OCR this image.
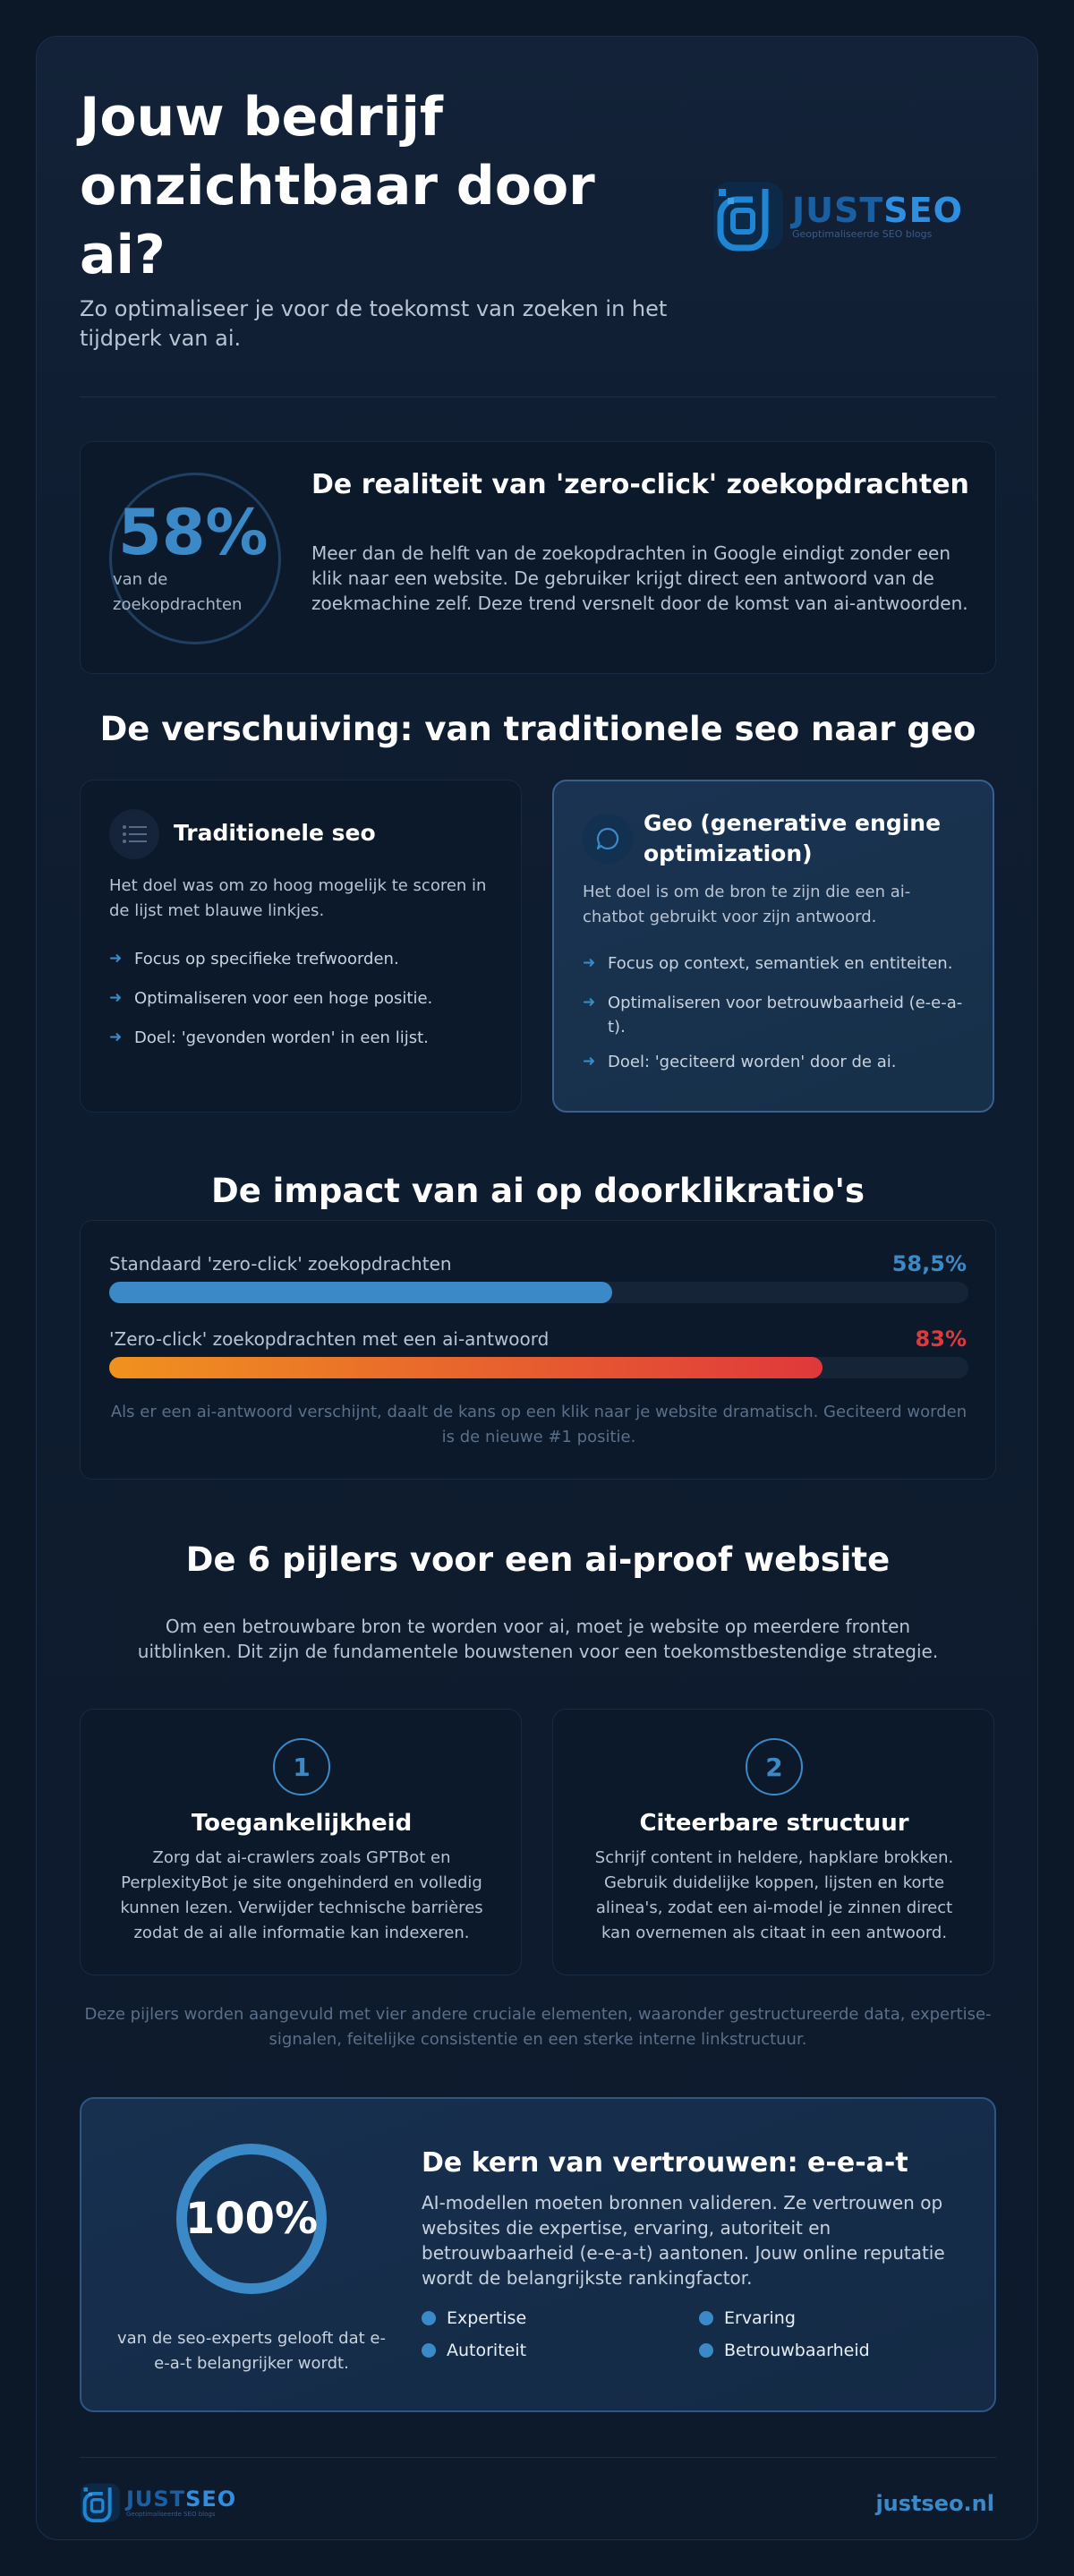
Jouw bedrijf onzichtbaar door ai?
Zo optimaliseer je voor de toekomst van zoeken in het tijdperk van ai.
JUSTSEO
Geoptimaliseerde SEO blogs
58%
van de zoekopdrachten
De realiteit van 'zero-click' zoekopdrachten
Meer dan de helft van de zoekopdrachten in Google eindigt zonder een klik naar een website. De gebruiker krijgt direct een antwoord van de zoekmachine zelf. Deze trend versnelt door de komst van ai-antwoorden.
De verschuiving: van traditionele seo naar geo
Traditionele seo
Het doel was om zo hoog mogelijk te scoren in de lijst met blauwe linkjes.
➜ Focus op specifieke trefwoorden.
➜ Optimaliseren voor een hoge positie.
➜ Doel: 'gevonden worden' in een lijst.
Geo (generative engine optimization)
Het doel is om de bron te zijn die een ai-chatbot gebruikt voor zijn antwoord.
➜ Focus op context, semantiek en entiteiten.
➜ Optimaliseren voor betrouwbaarheid (e-e-a-t).
➜ Doel: 'geciteerd worden' door de ai.
De impact van ai op doorklikratio's
Standaard 'zero-click' zoekopdrachten	58,5%
'Zero-click' zoekopdrachten met een ai-antwoord	83%
Als er een ai-antwoord verschijnt, daalt de kans op een klik naar je website dramatisch. Geciteerd worden is de nieuwe #1 positie.
De 6 pijlers voor een ai-proof website
Om een betrouwbare bron te worden voor ai, moet je website op meerdere fronten uitblinken. Dit zijn de fundamentele bouwstenen voor een toekomstbestendige strategie.
1
Toegankelijkheid
Zorg dat ai-crawlers zoals GPTBot en PerplexityBot je site ongehinderd en volledig kunnen lezen. Verwijder technische barrières zodat de ai alle informatie kan indexeren.
2
Citeerbare structuur
Schrijf content in heldere, hapklare brokken. Gebruik duidelijke koppen, lijsten en korte alinea's, zodat een ai-model je zinnen direct kan overnemen als citaat in een antwoord.
Deze pijlers worden aangevuld met vier andere cruciale elementen, waaronder gestructureerde data, expertise-signalen, feitelijke consistentie en een sterke interne linkstructuur.
100%
van de seo-experts gelooft dat e-e-a-t belangrijker wordt.
De kern van vertrouwen: e-e-a-t
AI-modellen moeten bronnen valideren. Ze vertrouwen op websites die expertise, ervaring, autoriteit en betrouwbaarheid (e-e-a-t) aantonen. Jouw online reputatie wordt de belangrijkste rankingfactor.
Expertise	Ervaring
Autoriteit	Betrouwbaarheid
JUSTSEO
Geoptimaliseerde SEO blogs	justseo.nl
